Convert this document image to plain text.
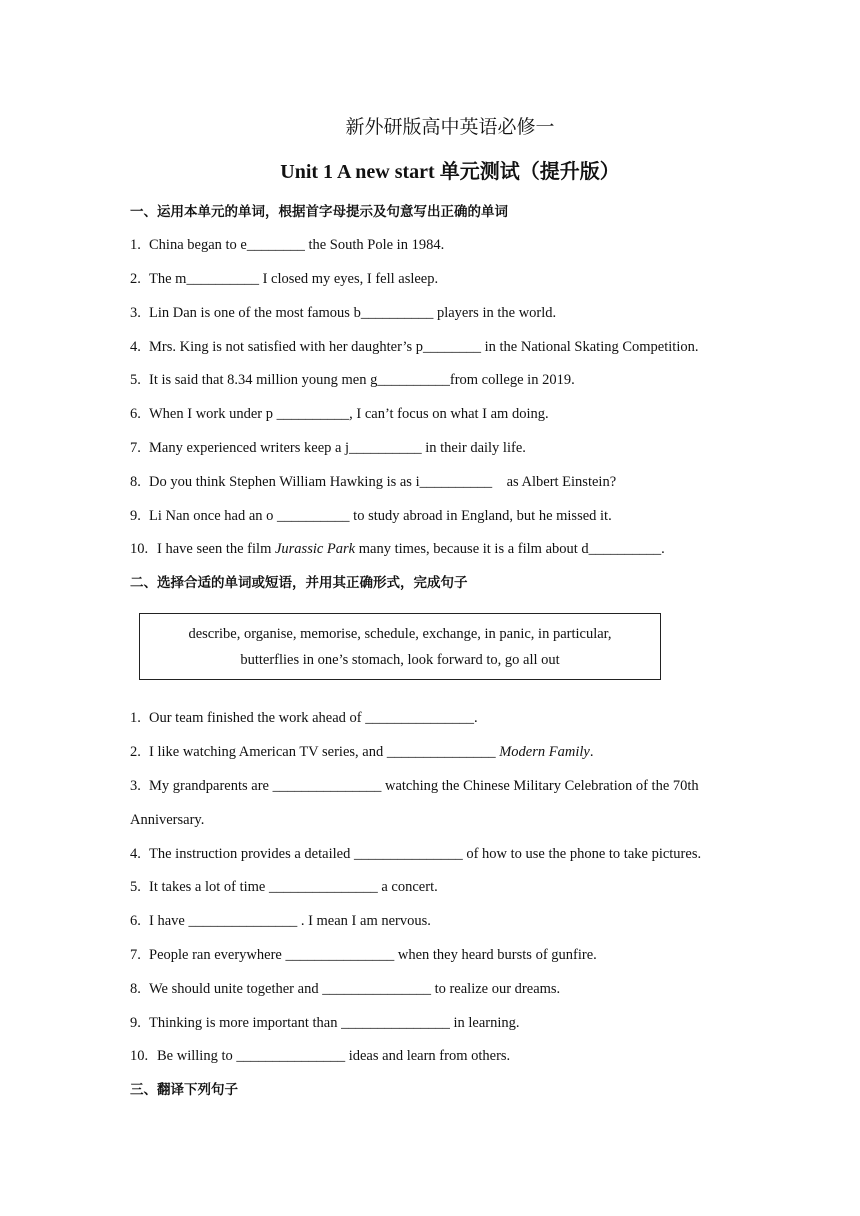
新外研版高中英语必修一
Unit 1 A new start 单元测试（提升版）
一、运用本单元的单词，根据首字母提示及句意写出正确的单词
1. China began to e________ the South Pole in 1984.
2. The m__________ I closed my eyes, I fell asleep.
3. Lin Dan is one of the most famous b__________ players in the world.
4. Mrs. King is not satisfied with her daughter’s p________ in the National Skating Competition.
5. It is said that 8.34 million young men g__________from college in 2019.
6. When I work under p __________, I can’t focus on what I am doing.
7. Many experienced writers keep a j__________ in their daily life.
8. Do you think Stephen William Hawking is as i__________    as Albert Einstein?
9. Li Nan once had an o __________ to study abroad in England, but he missed it.
10. I have seen the film Jurassic Park many times, because it is a film about d__________.
二、选择合适的单词或短语，并用其正确形式，完成句子
describe, organise, memorise, schedule, exchange, in panic, in particular,
butterflies in one’s stomach, look forward to, go all out
1. Our team finished the work ahead of _______________.
2. I like watching American TV series, and _______________ Modern Family.
3. My grandparents are _______________ watching the Chinese Military Celebration of the 70th
Anniversary.
4. The instruction provides a detailed _______________ of how to use the phone to take pictures.
5. It takes a lot of time _______________ a concert.
6. I have _______________ . I mean I am nervous.
7. People ran everywhere _______________ when they heard bursts of gunfire.
8. We should unite together and _______________ to realize our dreams.
9. Thinking is more important than _______________ in learning.
10. Be willing to _______________ ideas and learn from others.
三、翻译下列句子
